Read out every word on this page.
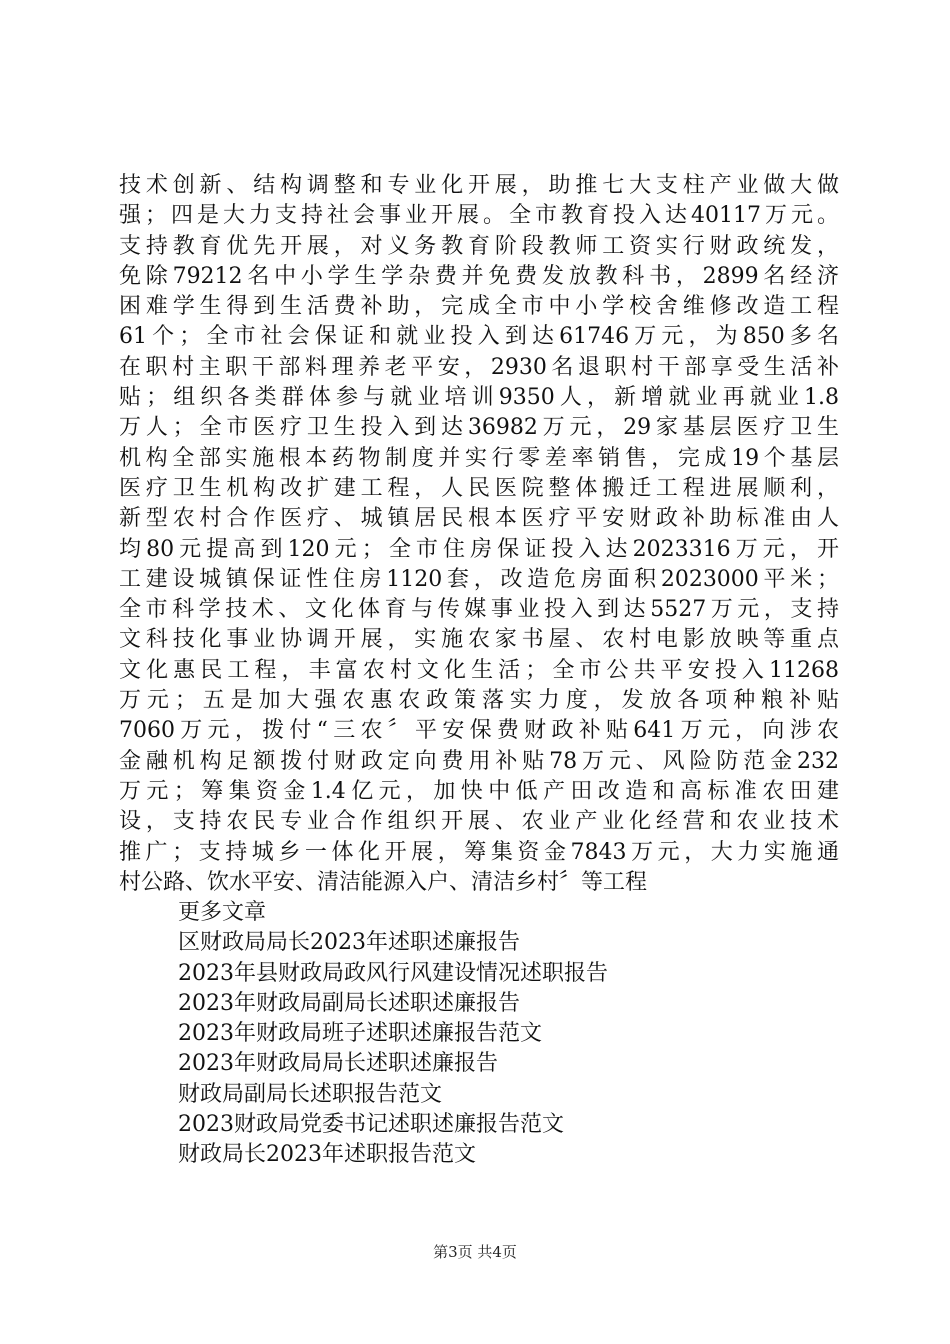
技术创新、结构调整和专业化开展，助推七大支柱产业做大做
强；四是大力支持社会事业开展。全市教育投入达40117万元。
支持教育优先开展，对义务教育阶段教师工资实行财政统发，
免除79212名中小学生学杂费并免费发放教科书，2899名经济
困难学生得到生活费补助，完成全市中小学校舍维修改造工程
61个；全市社会保证和就业投入到达61746万元，为850多名
在职村主职干部料理养老平安，2930名退职村干部享受生活补
贴；组织各类群体参与就业培训9350人，新增就业再就业1.8
万人；全市医疗卫生投入到达36982万元，29家基层医疗卫生
机构全部实施根本药物制度并实行零差率销售，完成19个基层
医疗卫生机构改扩建工程，人民医院整体搬迁工程进展顺利，
新型农村合作医疗、城镇居民根本医疗平安财政补助标准由人
均80元提高到120元；全市住房保证投入达2023316万元，开
工建设城镇保证性住房1120套，改造危房面积2023000平米；
全市科学技术、文化体育与传媒事业投入到达5527万元，支持
文科技化事业协调开展，实施农家书屋、农村电影放映等重点
文化惠民工程，丰富农村文化生活；全市公共平安投入11268
万元；五是加大强农惠农政策落实力度，发放各项种粮补贴
7060万元，拨付“三农〞平安保费财政补贴641万元，向涉农
金融机构足额拨付财政定向费用补贴78万元、风险防范金232
万元；筹集资金1.4亿元，加快中低产田改造和高标准农田建
设，支持农民专业合作组织开展、农业产业化经营和农业技术
推广；支持城乡一体化开展，筹集资金7843万元，大力实施通
村公路、饮水平安、清洁能源入户、清洁乡村〞等工程
更多文章
区财政局局长2023年述职述廉报告
2023年县财政局政风行风建设情况述职报告
2023年财政局副局长述职述廉报告
2023年财政局班子述职述廉报告范文
2023年财政局局长述职述廉报告
财政局副局长述职报告范文
2023财政局党委书记述职述廉报告范文
财政局长2023年述职报告范文
第3页 共4页
